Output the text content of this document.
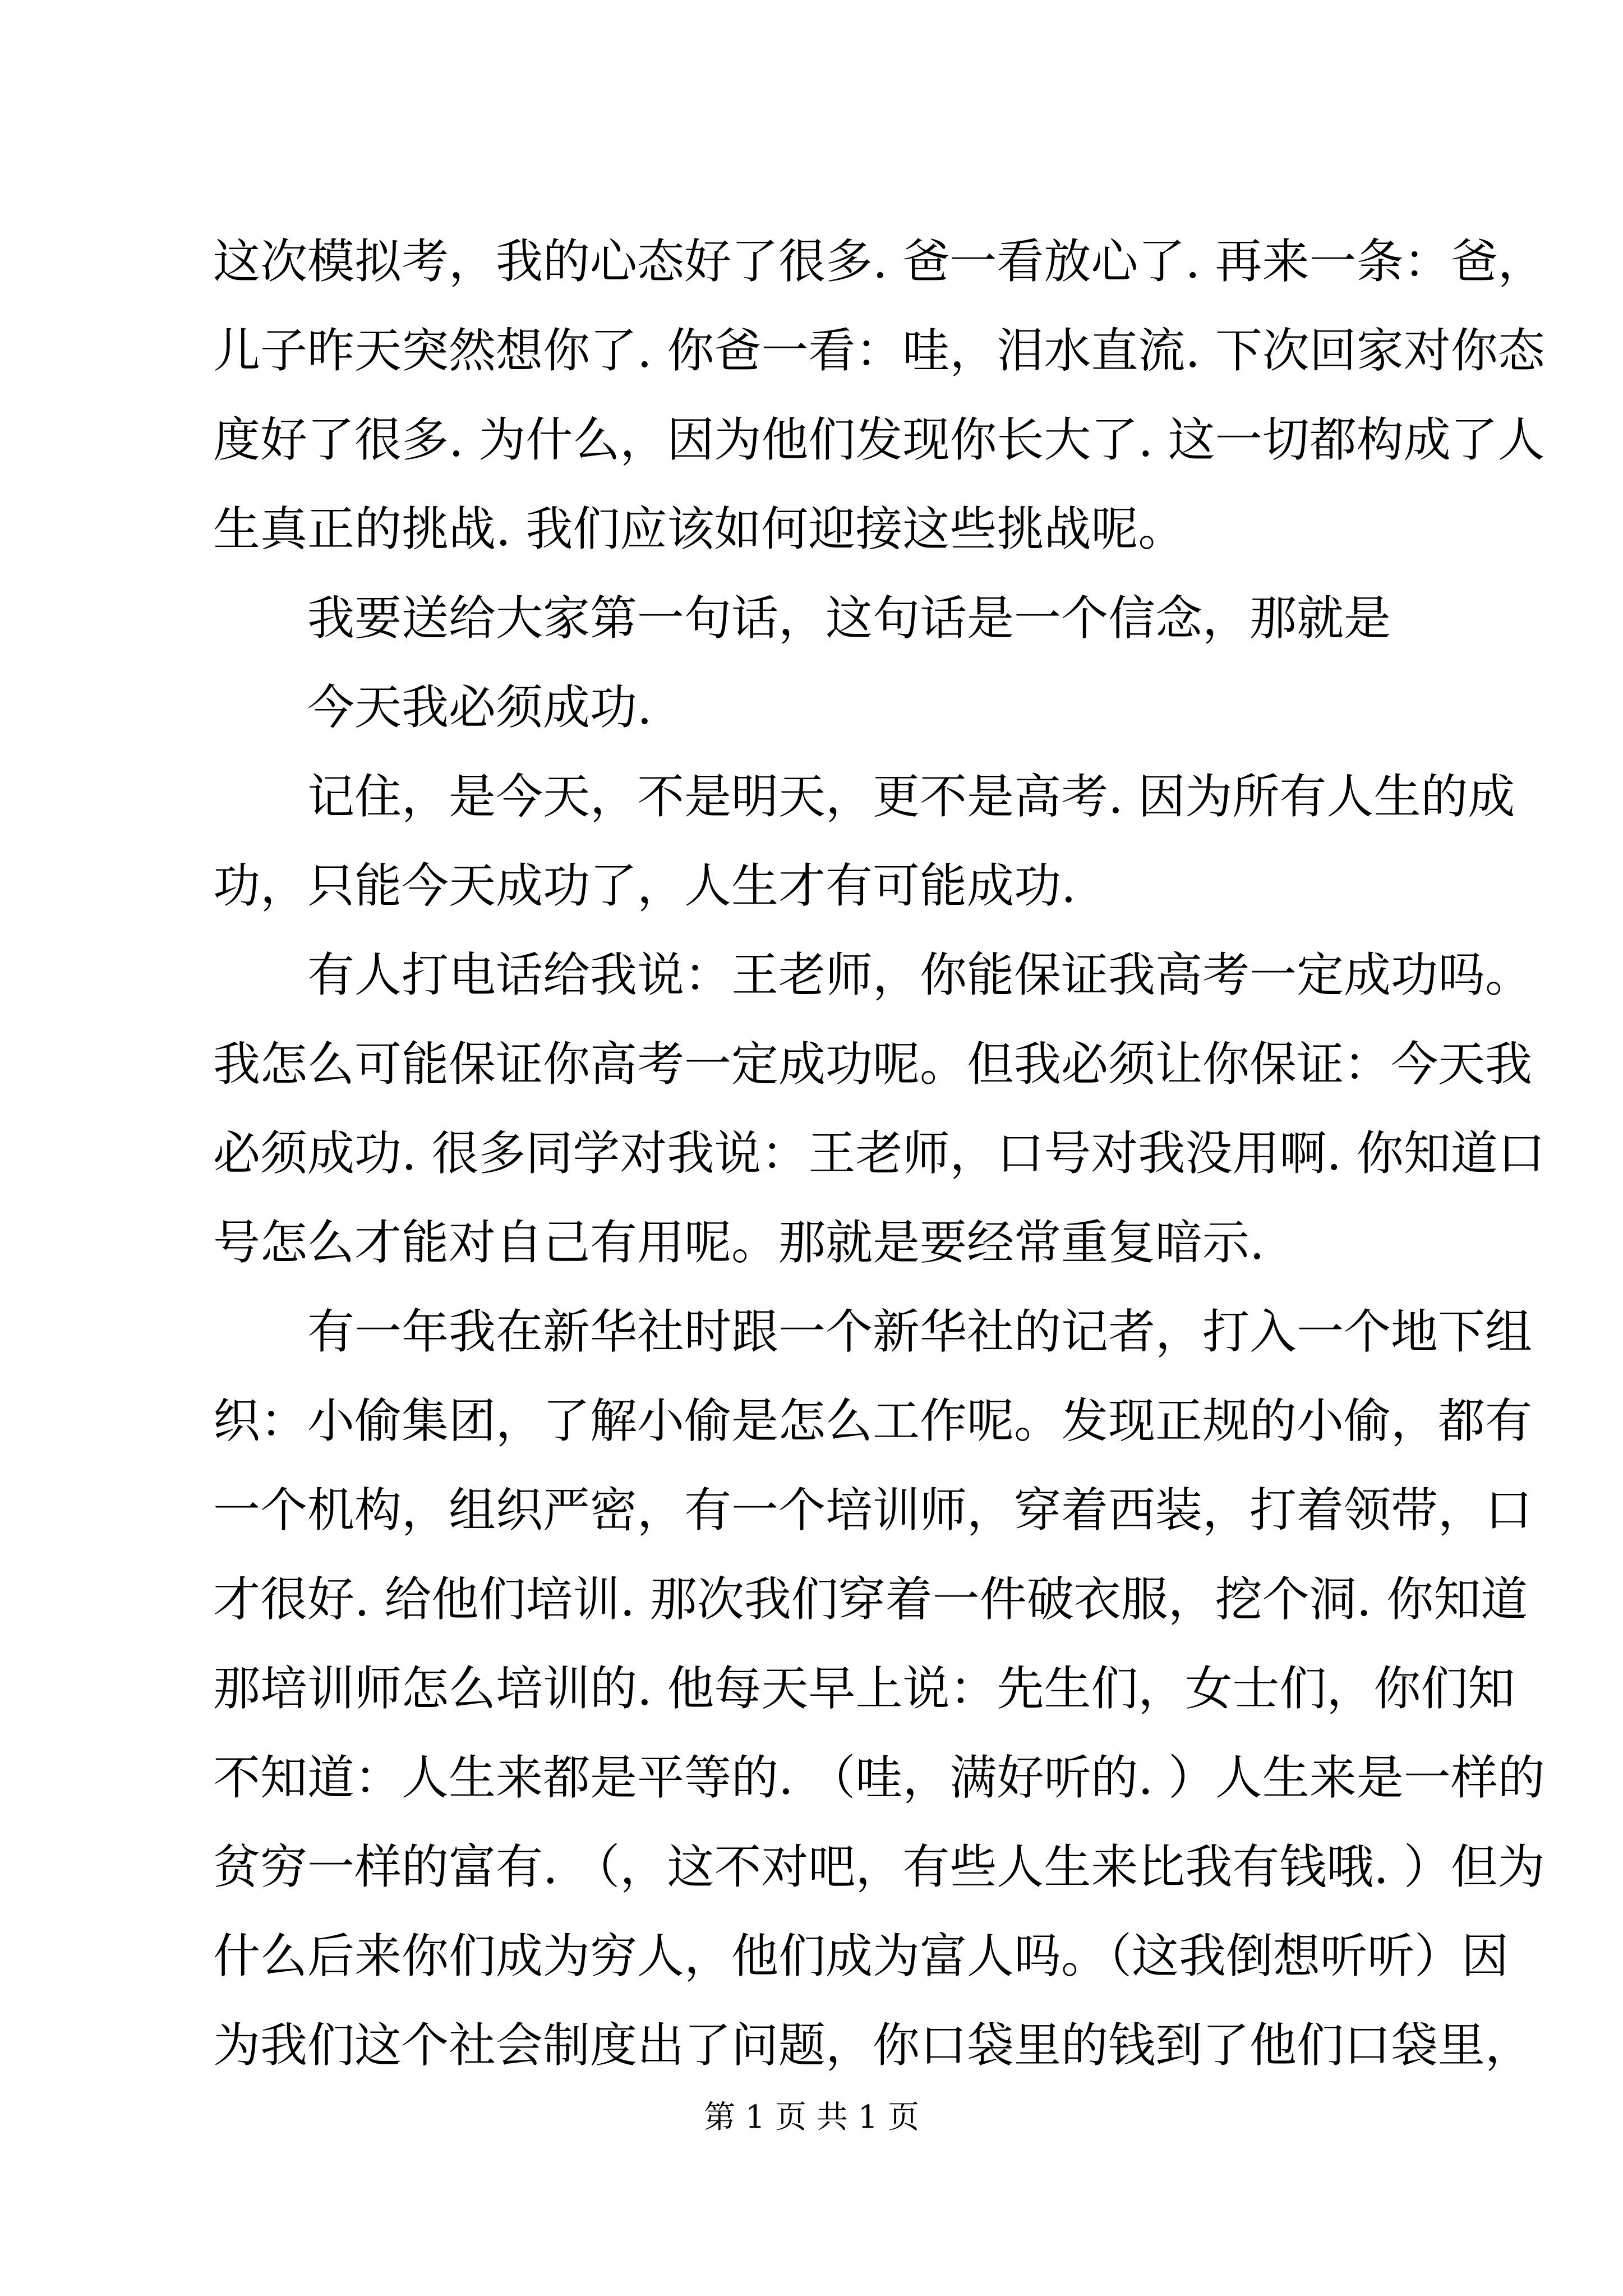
这次模拟考，我的心态好了很多. 爸一看放心了. 再来一条：爸，
儿子昨天突然想你了. 你爸一看：哇，泪水直流. 下次回家对你态
度好了很多. 为什么，因为他们发现你长大了. 这一切都构成了人
生真正的挑战. 我们应该如何迎接这些挑战呢。
我要送给大家第一句话，这句话是一个信念，那就是
今天我必须成功.
记住，是今天，不是明天，更不是高考. 因为所有人生的成
功，只能今天成功了，人生才有可能成功.
有人打电话给我说：王老师，你能保证我高考一定成功吗。
我怎么可能保证你高考一定成功呢。但我必须让你保证：今天我
必须成功. 很多同学对我说：王老师，口号对我没用啊. 你知道口
号怎么才能对自己有用呢。那就是要经常重复暗示.
有一年我在新华社时跟一个新华社的记者，打入一个地下组
织：小偷集团，了解小偷是怎么工作呢。发现正规的小偷，都有
一个机构，组织严密，有一个培训师，穿着西装，打着领带，口
才很好. 给他们培训. 那次我们穿着一件破衣服，挖个洞. 你知道
那培训师怎么培训的. 他每天早上说：先生们，女士们，你们知
不知道：人生来都是平等的. （哇，满好听的. ）人生来是一样的
贫穷一样的富有. （，这不对吧，有些人生来比我有钱哦. ）但为
什么后来你们成为穷人，他们成为富人吗。（这我倒想听听）因
为我们这个社会制度出了问题，你口袋里的钱到了他们口袋里，
第 1 页 共 1 页
